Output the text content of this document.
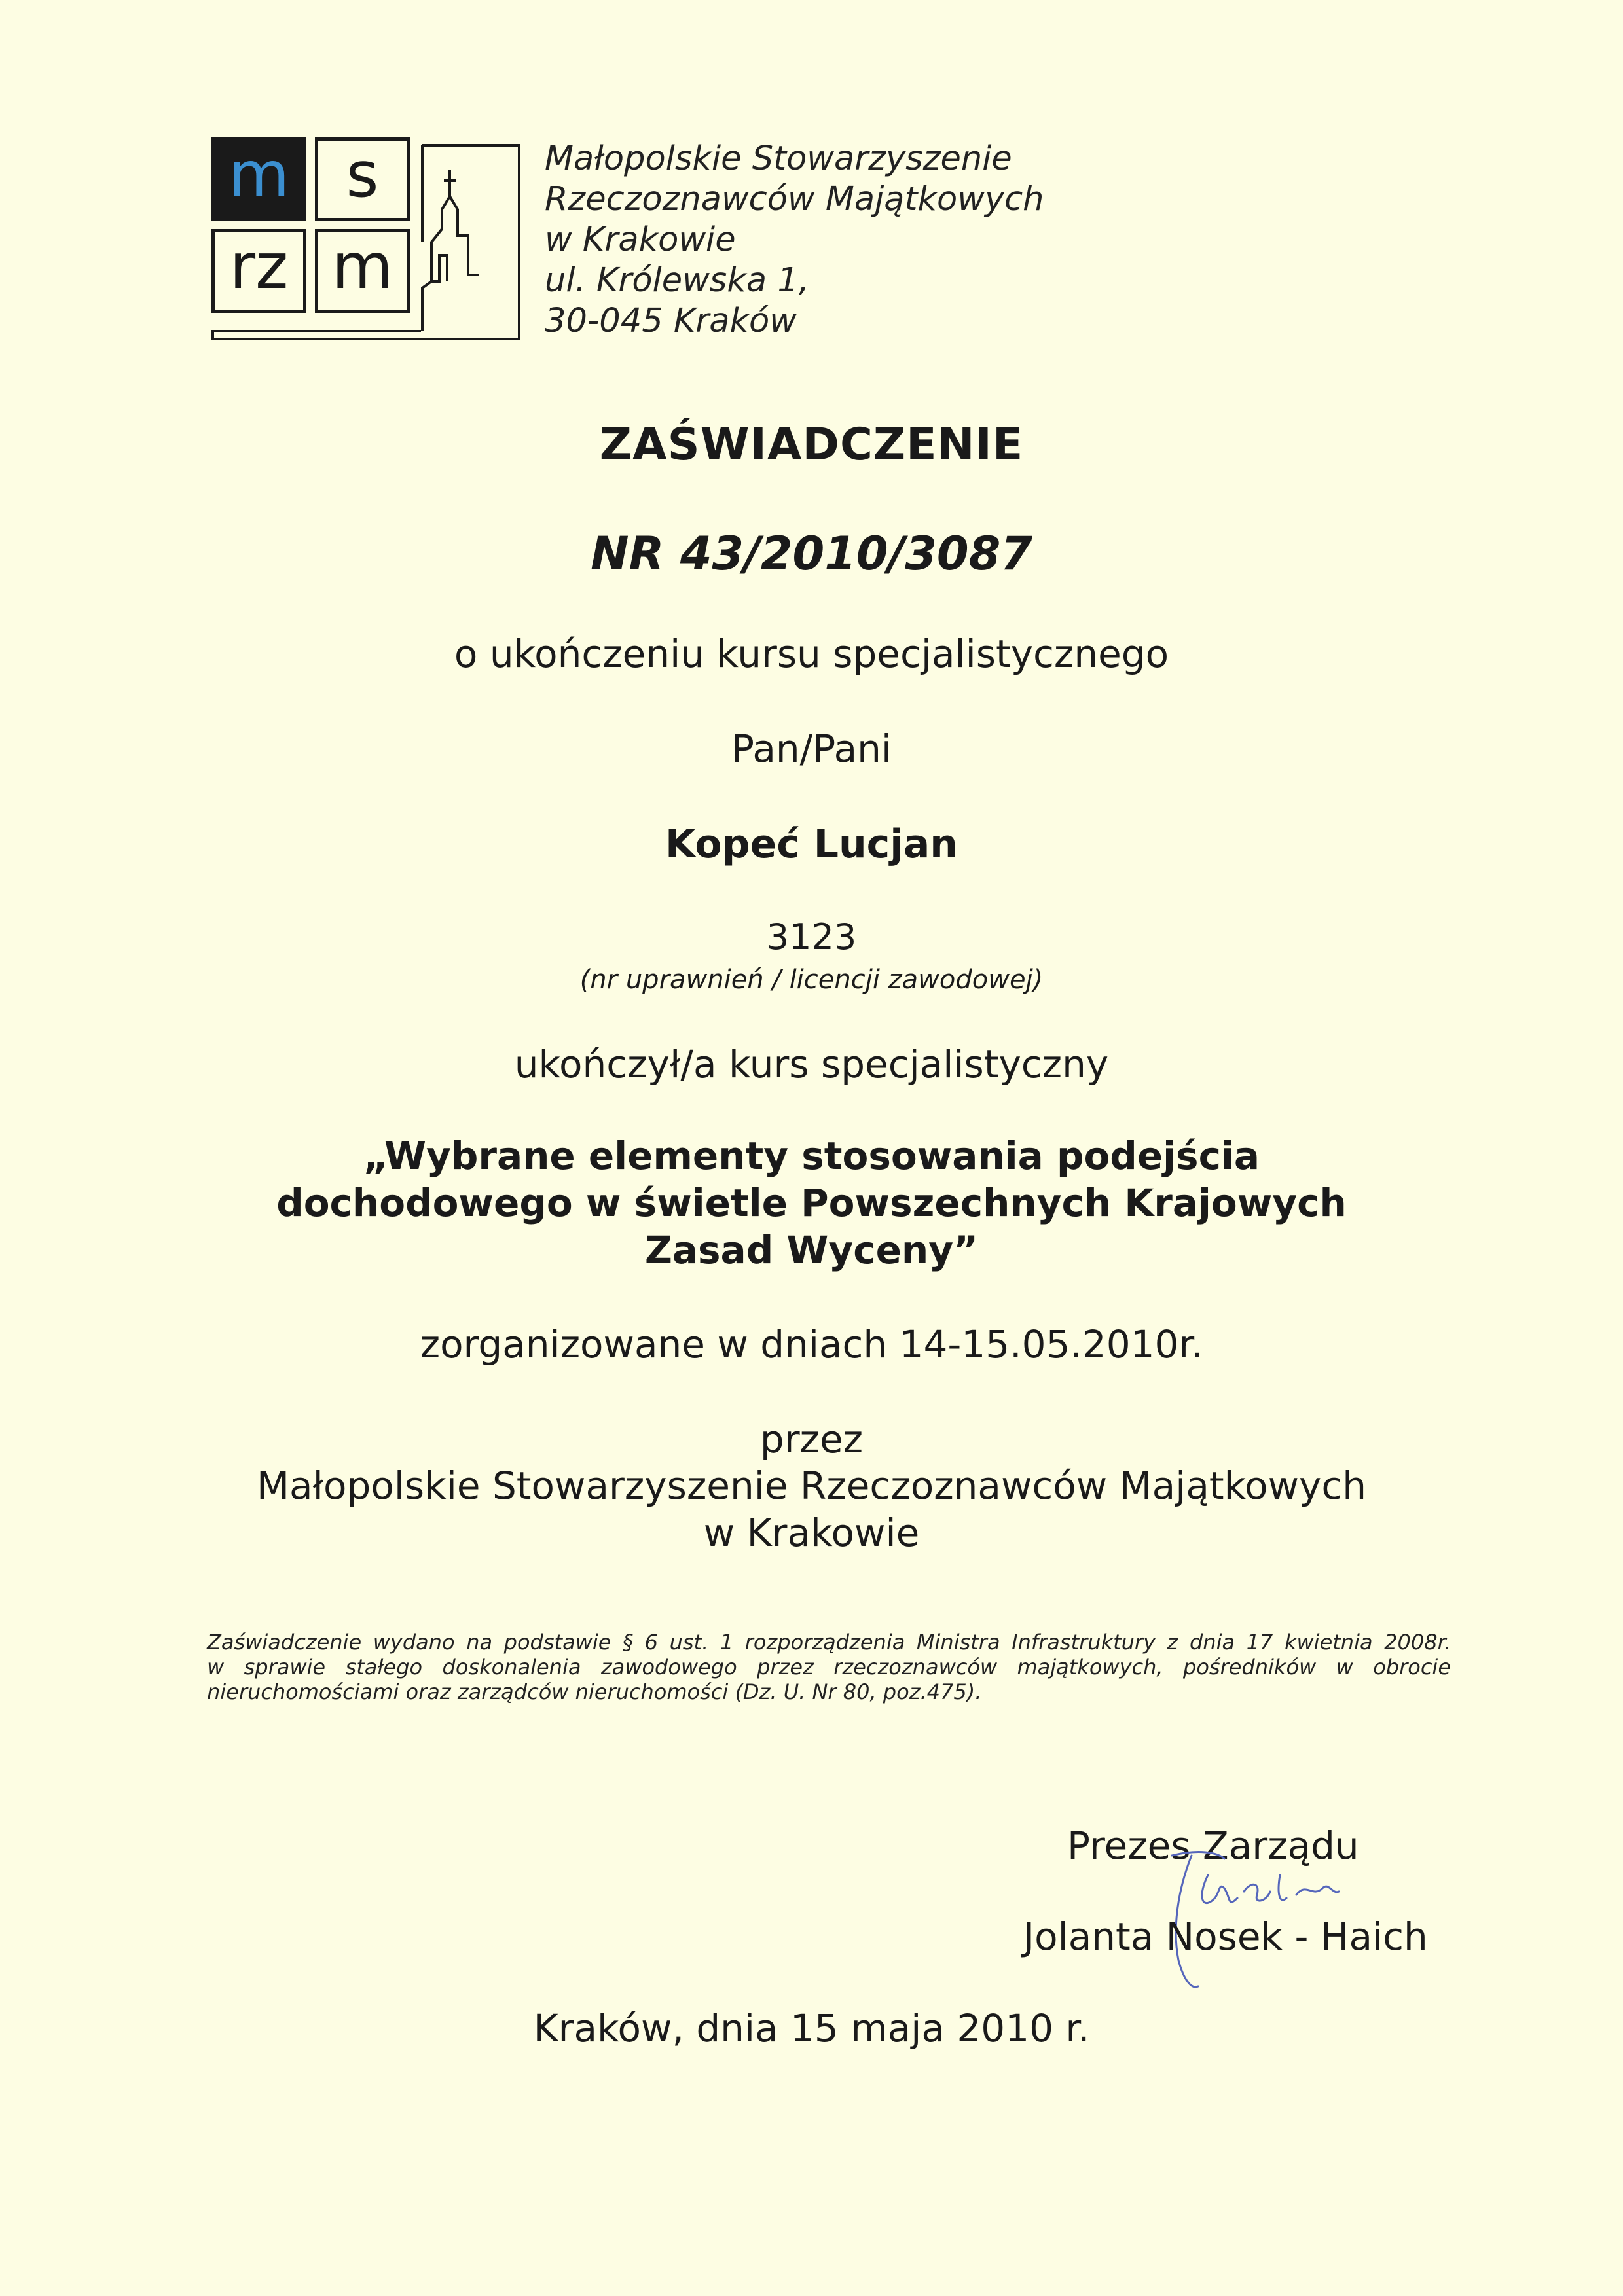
m s
rz m
Małopolskie Stowarzyszenie
Rzeczoznawców Majątkowych
w Krakowie
ul. Królewska 1,
30-045 Kraków
ZAŚWIADCZENIE
NR 43/2010/3087
o ukończeniu kursu specjalistycznego
Pan/Pani
Kopeć Lucjan
3123
(nr uprawnień / licencji zawodowej)
ukończył/a kurs specjalistyczny
„Wybrane elementy stosowania podejścia
dochodowego w świetle Powszechnych Krajowych
Zasad Wyceny”
zorganizowane w dniach 14-15.05.2010r.
przez
Małopolskie Stowarzyszenie Rzeczoznawców Majątkowych
w Krakowie
Zaświadczenie wydano na podstawie § 6 ust. 1 rozporządzenia Ministra Infrastruktury z dnia 17 kwietnia 2008r.
w sprawie stałego doskonalenia zawodowego przez rzeczoznawców majątkowych, pośredników w obrocie
nieruchomościami oraz zarządców nieruchomości (Dz. U. Nr 80, poz.475).
Prezes Zarządu
Jolanta Nosek - Haich
Kraków, dnia 15 maja 2010 r.
